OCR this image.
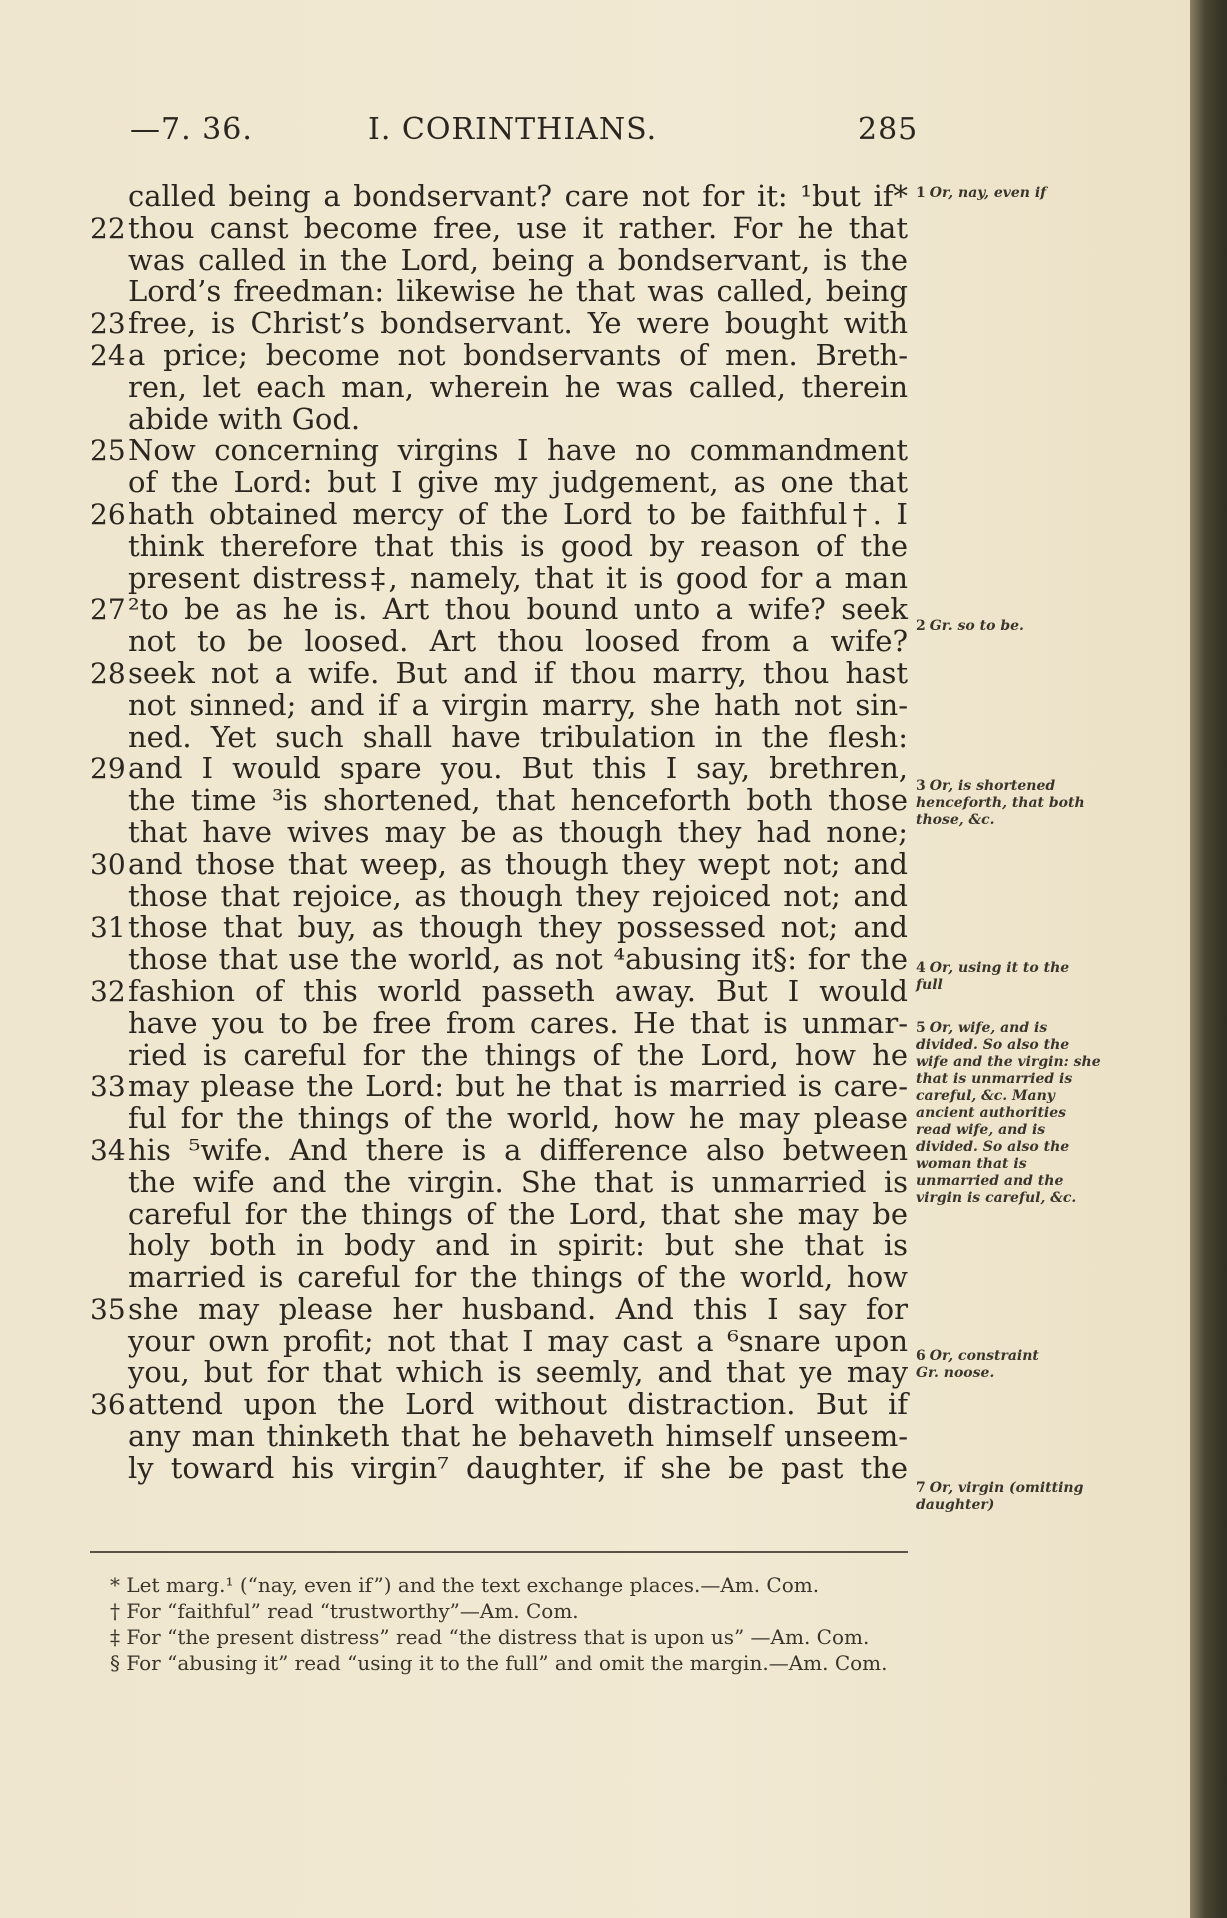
—7. 36.	I. CORINTHIANS.	285
called being a bondservant? care not for it: ¹but if*
22 thou canst become free, use it rather. For he that
was called in the Lord, being a bondservant, is the
Lord’s freedman: likewise he that was called, being
23 free, is Christ’s bondservant. Ye were bought with
24 a price; become not bondservants of men. Breth-
ren, let each man, wherein he was called, therein
abide with God.
25 Now concerning virgins I have no commandment
of the Lord: but I give my judgement, as one that
26 hath obtained mercy of the Lord to be faithful†. I
think therefore that this is good by reason of the
present distress‡, namely, that it is good for a man
27 ²to be as he is. Art thou bound unto a wife? seek
not to be loosed. Art thou loosed from a wife?
28 seek not a wife. But and if thou marry, thou hast
not sinned; and if a virgin marry, she hath not sin-
ned. Yet such shall have tribulation in the flesh:
29 and I would spare you. But this I say, brethren,
the time ³is shortened, that henceforth both those
that have wives may be as though they had none;
30 and those that weep, as though they wept not; and
those that rejoice, as though they rejoiced not; and
31 those that buy, as though they possessed not; and
those that use the world, as not ⁴abusing it§: for the
32 fashion of this world passeth away. But I would
have you to be free from cares. He that is unmar-
ried is careful for the things of the Lord, how he
33 may please the Lord: but he that is married is care-
ful for the things of the world, how he may please
34 his ⁵wife. And there is a difference also between
the wife and the virgin. She that is unmarried is
careful for the things of the Lord, that she may be
holy both in body and in spirit: but she that is
married is careful for the things of the world, how
35 she may please her husband. And this I say for
your own profit; not that I may cast a ⁶snare upon
you, but for that which is seemly, and that ye may
36 attend upon the Lord without distraction. But if
any man thinketh that he behaveth himself unseem-
ly toward his virgin⁷ daughter, if she be past the
1 Or, nay, even if
2 Gr. so to be.
3 Or, is shortened henceforth, that both those, &c.
4 Or, using it to the full
5 Or, wife, and is divided. So also the wife and the virgin: she that is unmarried is careful, &c. Many ancient authorities read wife, and is divided. So also the woman that is unmarried and the virgin is careful, &c.
6 Or, constraint Gr. noose.
7 Or, virgin (omitting daughter)
* Let marg.¹ (“nay, even if”) and the text exchange places.—Am. Com.
† For “faithful” read “trustworthy”—Am. Com.
‡ For “the present distress” read “the distress that is upon us” —Am. Com.
§ For “abusing it” read “using it to the full” and omit the margin.—Am. Com.
